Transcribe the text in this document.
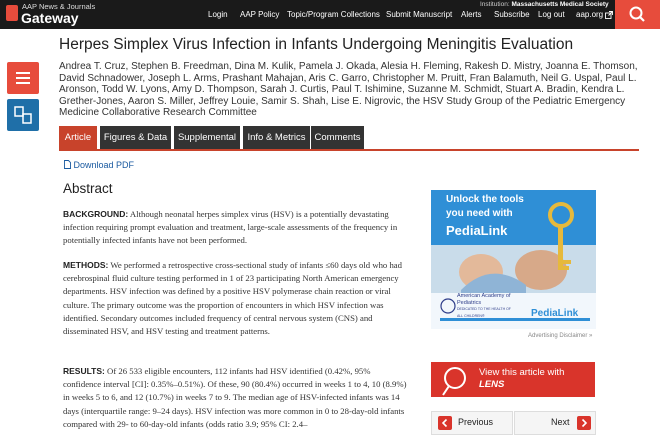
AAP News & Journals
Gateway	Login AAP Policy Topic/Program Collections Submit Manuscript Alerts Subscribe Log out aap.org
Institution: Massachusetts Medical Society
Herpes Simplex Virus Infection in Infants Undergoing Meningitis Evaluation
Andrea T. Cruz, Stephen B. Freedman, Dina M. Kulik, Pamela J. Okada, Alesia H. Fleming, Rakesh D. Mistry, Joanna E. Thomson, David Schnadower, Joseph L. Arms, Prashant Mahajan, Aris C. Garro, Christopher M. Pruitt, Fran Balamuth, Neil G. Uspal, Paul L. Aronson, Todd W. Lyons, Amy D. Thompson, Sarah J. Curtis, Paul T. Ishimine, Suzanne M. Schmidt, Stuart A. Bradin, Kendra L. Grether-Jones, Aaron S. Miller, Jeffrey Louie, Samir S. Shah, Lise E. Nigrovic, the HSV Study Group of the Pediatric Emergency Medicine Collaborative Research Committee
Article	Figures & Data	Supplemental	Info & Metrics Comments
Download PDF
Abstract
BACKGROUND: Although neonatal herpes simplex virus (HSV) is a potentially devastating infection requiring prompt evaluation and treatment, large-scale assessments of the frequency in potentially infected infants have not been performed.
METHODS: We performed a retrospective cross-sectional study of infants ≤60 days old who had cerebrospinal fluid culture testing performed in 1 of 23 participating North American emergency departments. HSV infection was defined by a positive HSV polymerase chain reaction or viral culture. The primary outcome was the proportion of encounters in which HSV infection was identified. Secondary outcomes included frequency of central nervous system (CNS) and disseminated HSV, and HSV testing and treatment patterns.
RESULTS: Of 26 533 eligible encounters, 112 infants had HSV identified (0.42%, 95% confidence interval [CI]: 0.35%–0.51%). Of these, 90 (80.4%) occurred in weeks 1 to 4, 10 (8.9%) in weeks 5 to 6, and 12 (10.7%) in weeks 7 to 9. The median age of HSV-infected infants was 14 days (interquartile range: 9–24 days). HSV infection was more common in 0 to 28-day-old infants compared with 29- to 60-day-old infants (odds ratio 3.9; 95% CI: 2.4–
Unlock the tools
you need with
PediaLink
American Academy of Pediatrics
DEDICATED TO THE HEALTH OF ALL CHILDREN®	PediaLink
Advertising Disclaimer »
View this article with
LENS
Previous	Next
